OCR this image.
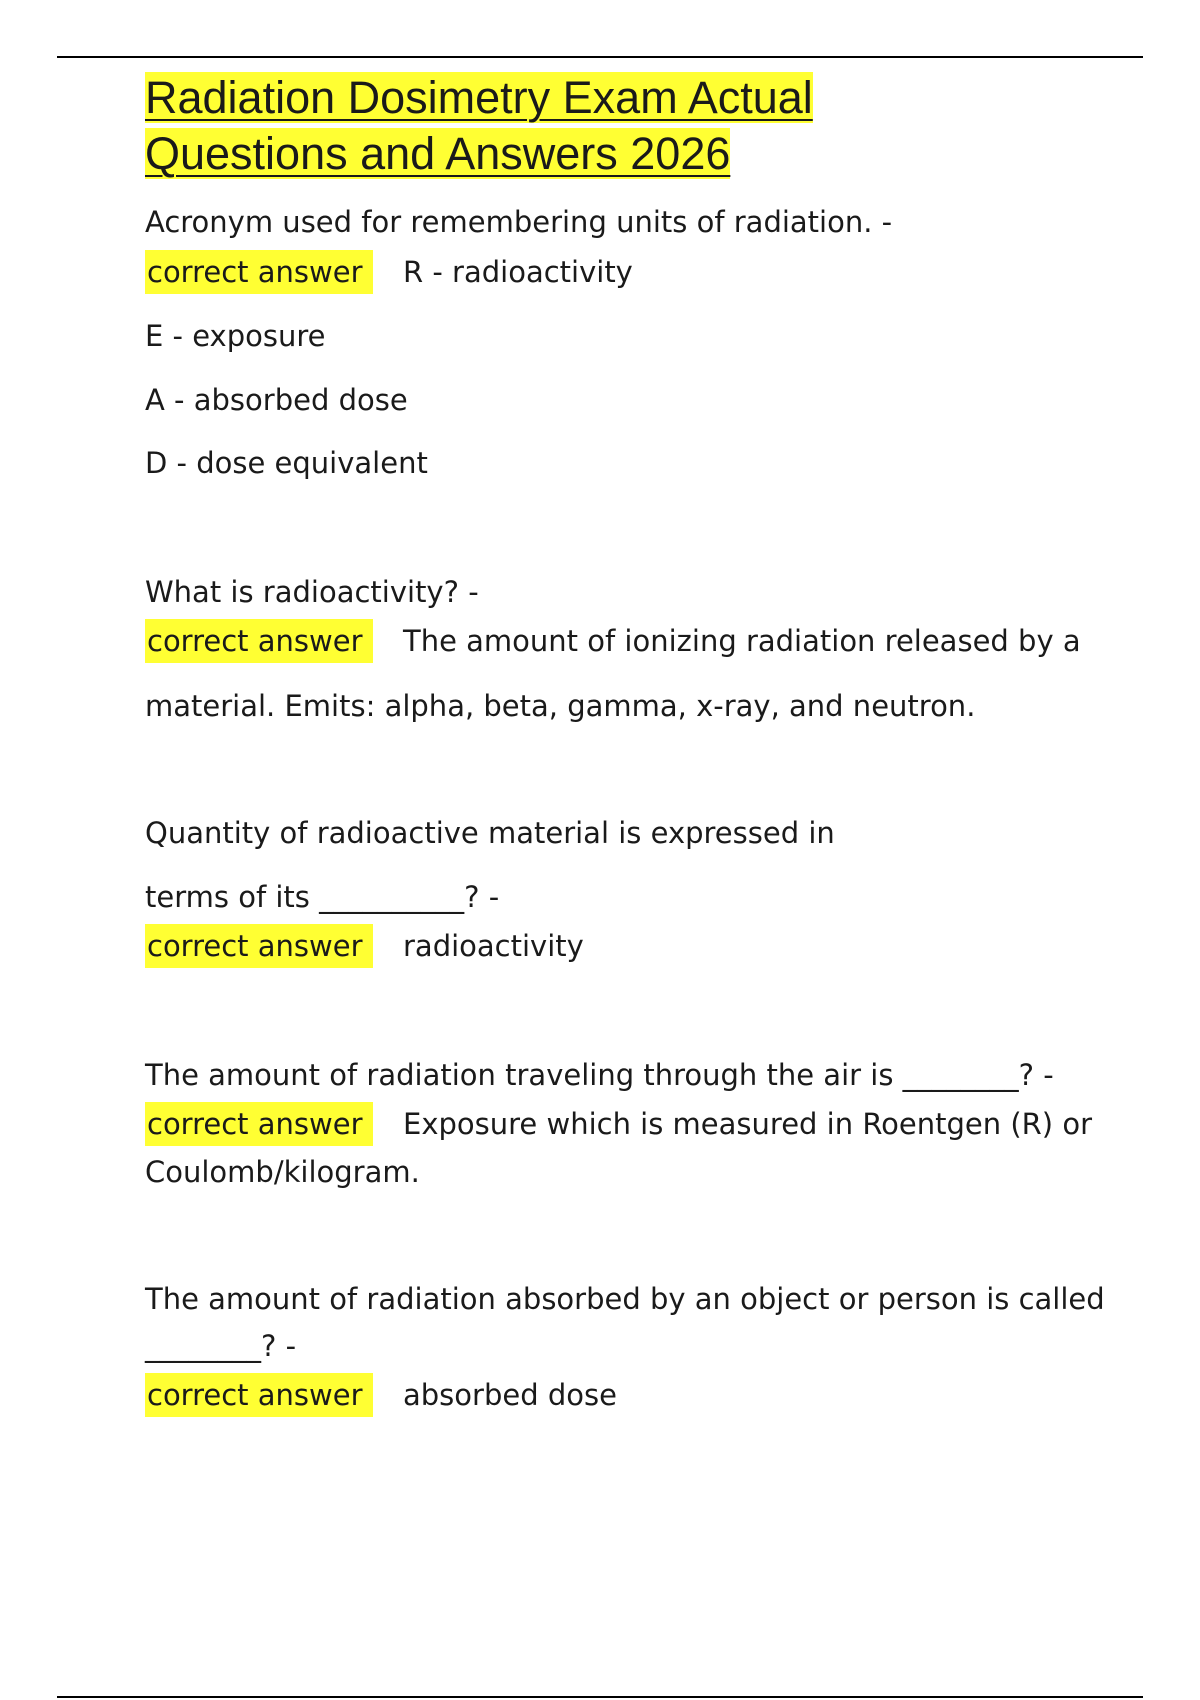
Radiation Dosimetry Exam Actual
Questions and Answers 2026

Acronym used for remembering units of radiation. -

correct answer	R - radioactivity

E - exposure

A - absorbed dose

D - dose equivalent

What is radioactivity? -

correct answer	The amount of ionizing radiation released by a

material. Emits: alpha, beta, gamma, x-ray, and neutron.

Quantity of radioactive material is expressed in

terms of its __________? -

correct answer	radioactivity

The amount of radiation traveling through the air is ________? -

correct answer	Exposure which is measured in Roentgen (R) or

Coulomb/kilogram.

The amount of radiation absorbed by an object or person is called

________? -

correct answer	absorbed dose
